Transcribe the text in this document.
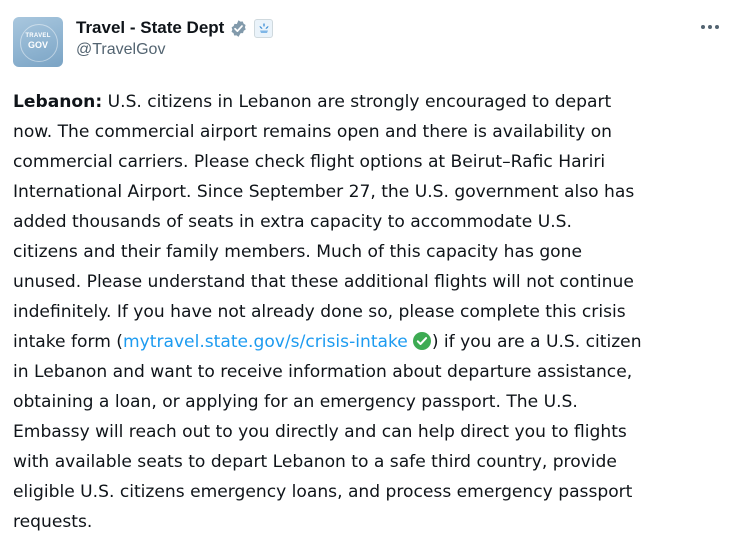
TRAVEL
GOV
Travel - State Dept
@TravelGov
Lebanon: U.S. citizens in Lebanon are strongly encouraged to depart
now. The commercial airport remains open and there is availability on
commercial carriers. Please check flight options at Beirut–Rafic Hariri
International Airport. Since September 27, the U.S. government also has
added thousands of seats in extra capacity to accommodate U.S.
citizens and their family members. Much of this capacity has gone
unused. Please understand that these additional flights will not continue
indefinitely. If you have not already done so, please complete this crisis
intake form (mytravel.state.gov/s/crisis-intake ) if you are a U.S. citizen
in Lebanon and want to receive information about departure assistance,
obtaining a loan, or applying for an emergency passport. The U.S.
Embassy will reach out to you directly and can help direct you to flights
with available seats to depart Lebanon to a safe third country, provide
eligible U.S. citizens emergency loans, and process emergency passport
requests.
